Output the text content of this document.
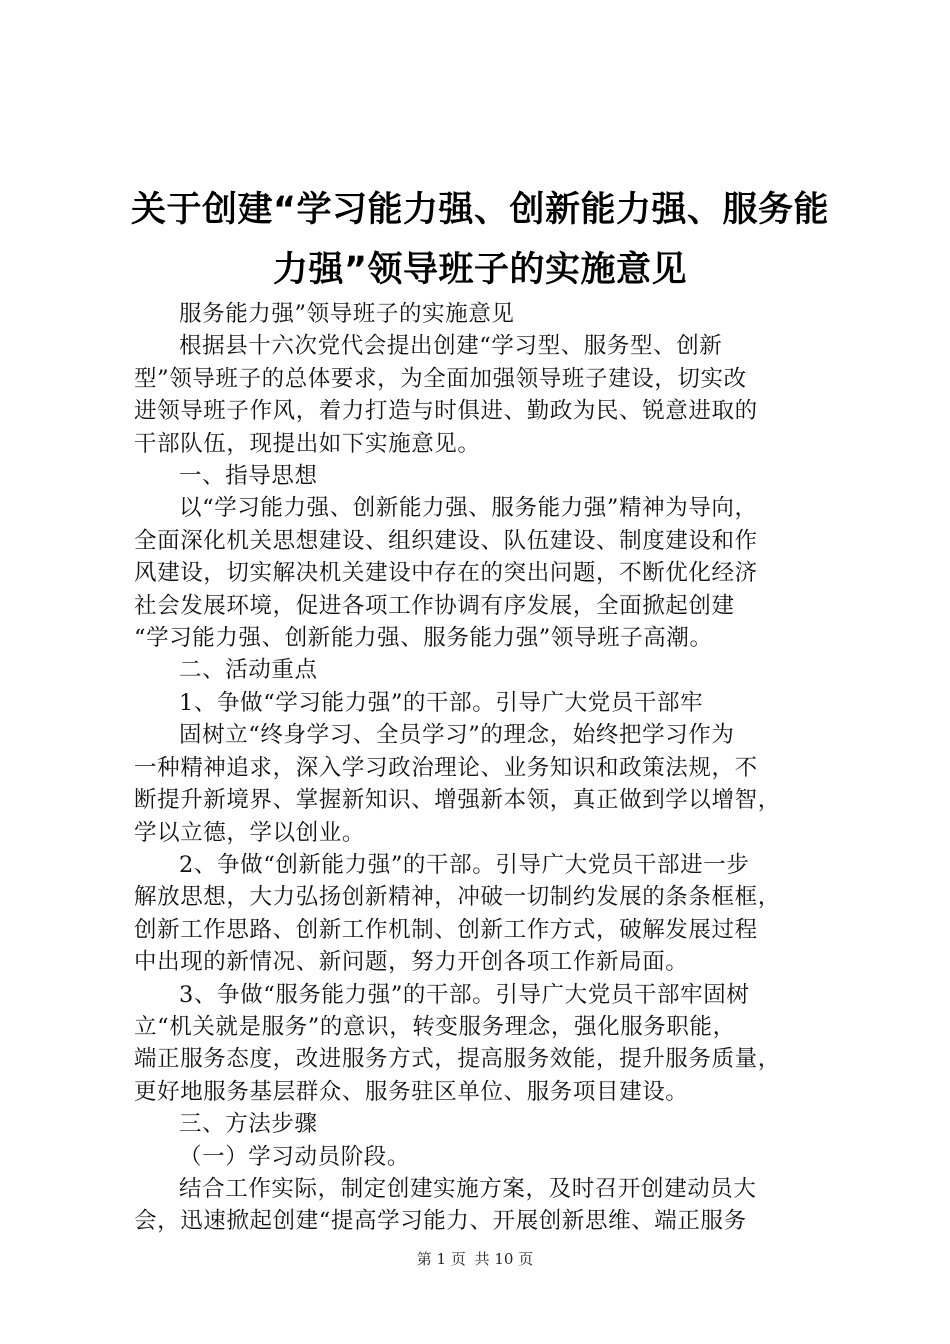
关于创建“学习能力强、创新能力强、服务能
力强”领导班子的实施意见

服务能力强”领导班子的实施意见

根据县十六次党代会提出创建“学习型、服务型、创新
型”领导班子的总体要求，为全面加强领导班子建设，切实改
进领导班子作风，着力打造与时俱进、勤政为民、锐意进取的
干部队伍，现提出如下实施意见。

一、指导思想

以“学习能力强、创新能力强、服务能力强”精神为导向，
全面深化机关思想建设、组织建设、队伍建设、制度建设和作
风建设，切实解决机关建设中存在的突出问题，不断优化经济
社会发展环境，促进各项工作协调有序发展，全面掀起创建
“学习能力强、创新能力强、服务能力强”领导班子高潮。

二、活动重点

1、争做“学习能力强”的干部。引导广大党员干部牢

固树立“终身学习、全员学习”的理念，始终把学习作为
一种精神追求，深入学习政治理论、业务知识和政策法规，不
断提升新境界、掌握新知识、增强新本领，真正做到学以增智，
学以立德，学以创业。

2、争做“创新能力强”的干部。引导广大党员干部进一步
解放思想，大力弘扬创新精神，冲破一切制约发展的条条框框，
创新工作思路、创新工作机制、创新工作方式，破解发展过程
中出现的新情况、新问题，努力开创各项工作新局面。

3、争做“服务能力强”的干部。引导广大党员干部牢固树
立“机关就是服务”的意识，转变服务理念，强化服务职能，
端正服务态度，改进服务方式，提高服务效能，提升服务质量，
更好地服务基层群众、服务驻区单位、服务项目建设。

三、方法步骤

（一）学习动员阶段。

结合工作实际，制定创建实施方案，及时召开创建动员大
会，迅速掀起创建“提高学习能力、开展创新思维、端正服务

第 1 页 共 10 页
